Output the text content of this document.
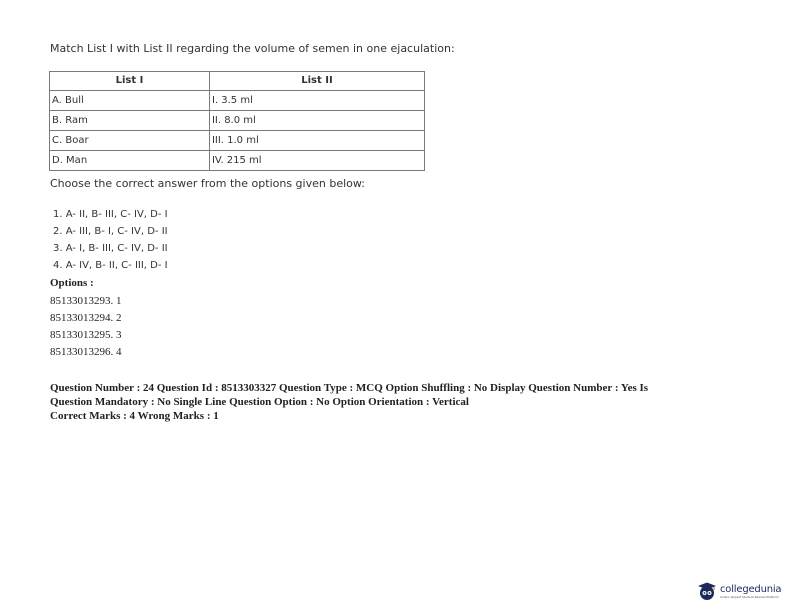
Match List I with List II regarding the volume of semen in one ejaculation:
List I	List II
A. Bull	I. 3.5 ml
B. Ram	II. 8.0 ml
C. Boar	III. 1.0 ml
D. Man	IV. 215 ml
Choose the correct answer from the options given below:
1. A- II, B- III, C- IV, D- I
2. A- III, B- I, C- IV, D- II
3. A- I, B- III, C- IV, D- II
4. A- IV, B- II, C- III, D- I
Options :
85133013293. 1
85133013294. 2
85133013295. 3
85133013296. 4
Question Number : 24 Question Id : 8513303327 Question Type : MCQ Option Shuffling : No Display Question Number : Yes Is
Question Mandatory : No Single Line Question Option : No Option Orientation : Vertical
Correct Marks : 4 Wrong Marks : 1
collegedunia
India's largest Student Review Platform
